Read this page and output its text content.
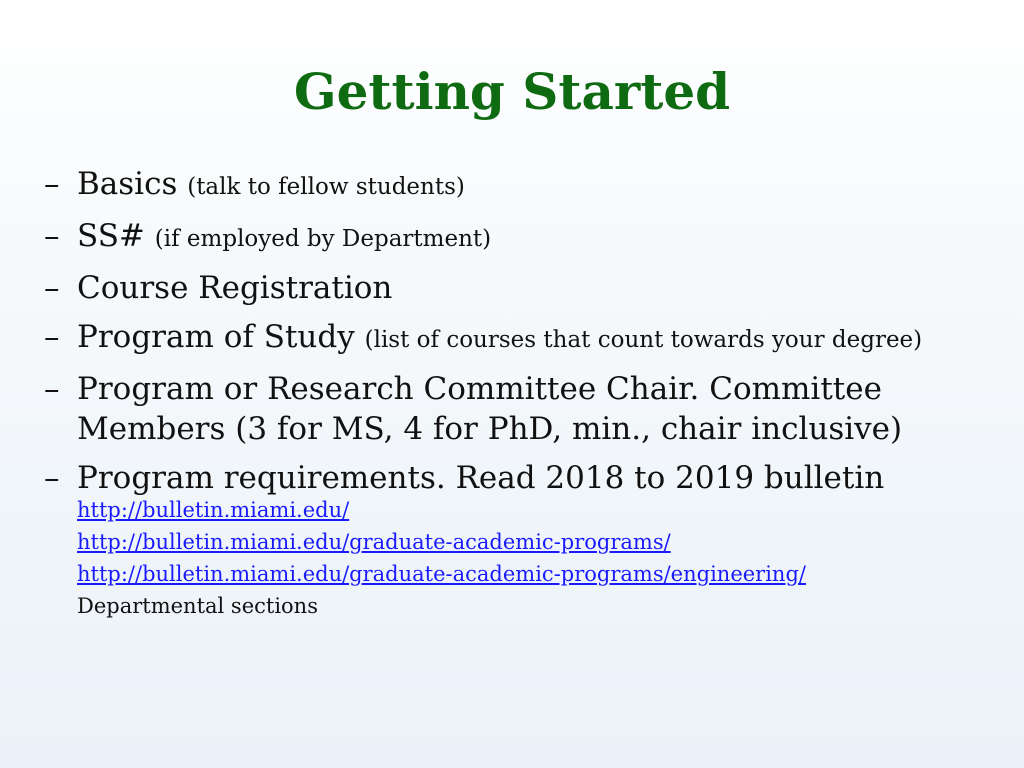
Getting Started
– Basics (talk to fellow students)
– SS# (if employed by Department)
– Course Registration
– Program of Study (list of courses that count towards your degree)
– Program or Research Committee Chair. Committee Members (3 for MS, 4 for PhD, min., chair inclusive)
– Program requirements. Read 2018 to 2019 bulletin
http://bulletin.miami.edu/
http://bulletin.miami.edu/graduate-academic-programs/
http://bulletin.miami.edu/graduate-academic-programs/engineering/
Departmental sections
